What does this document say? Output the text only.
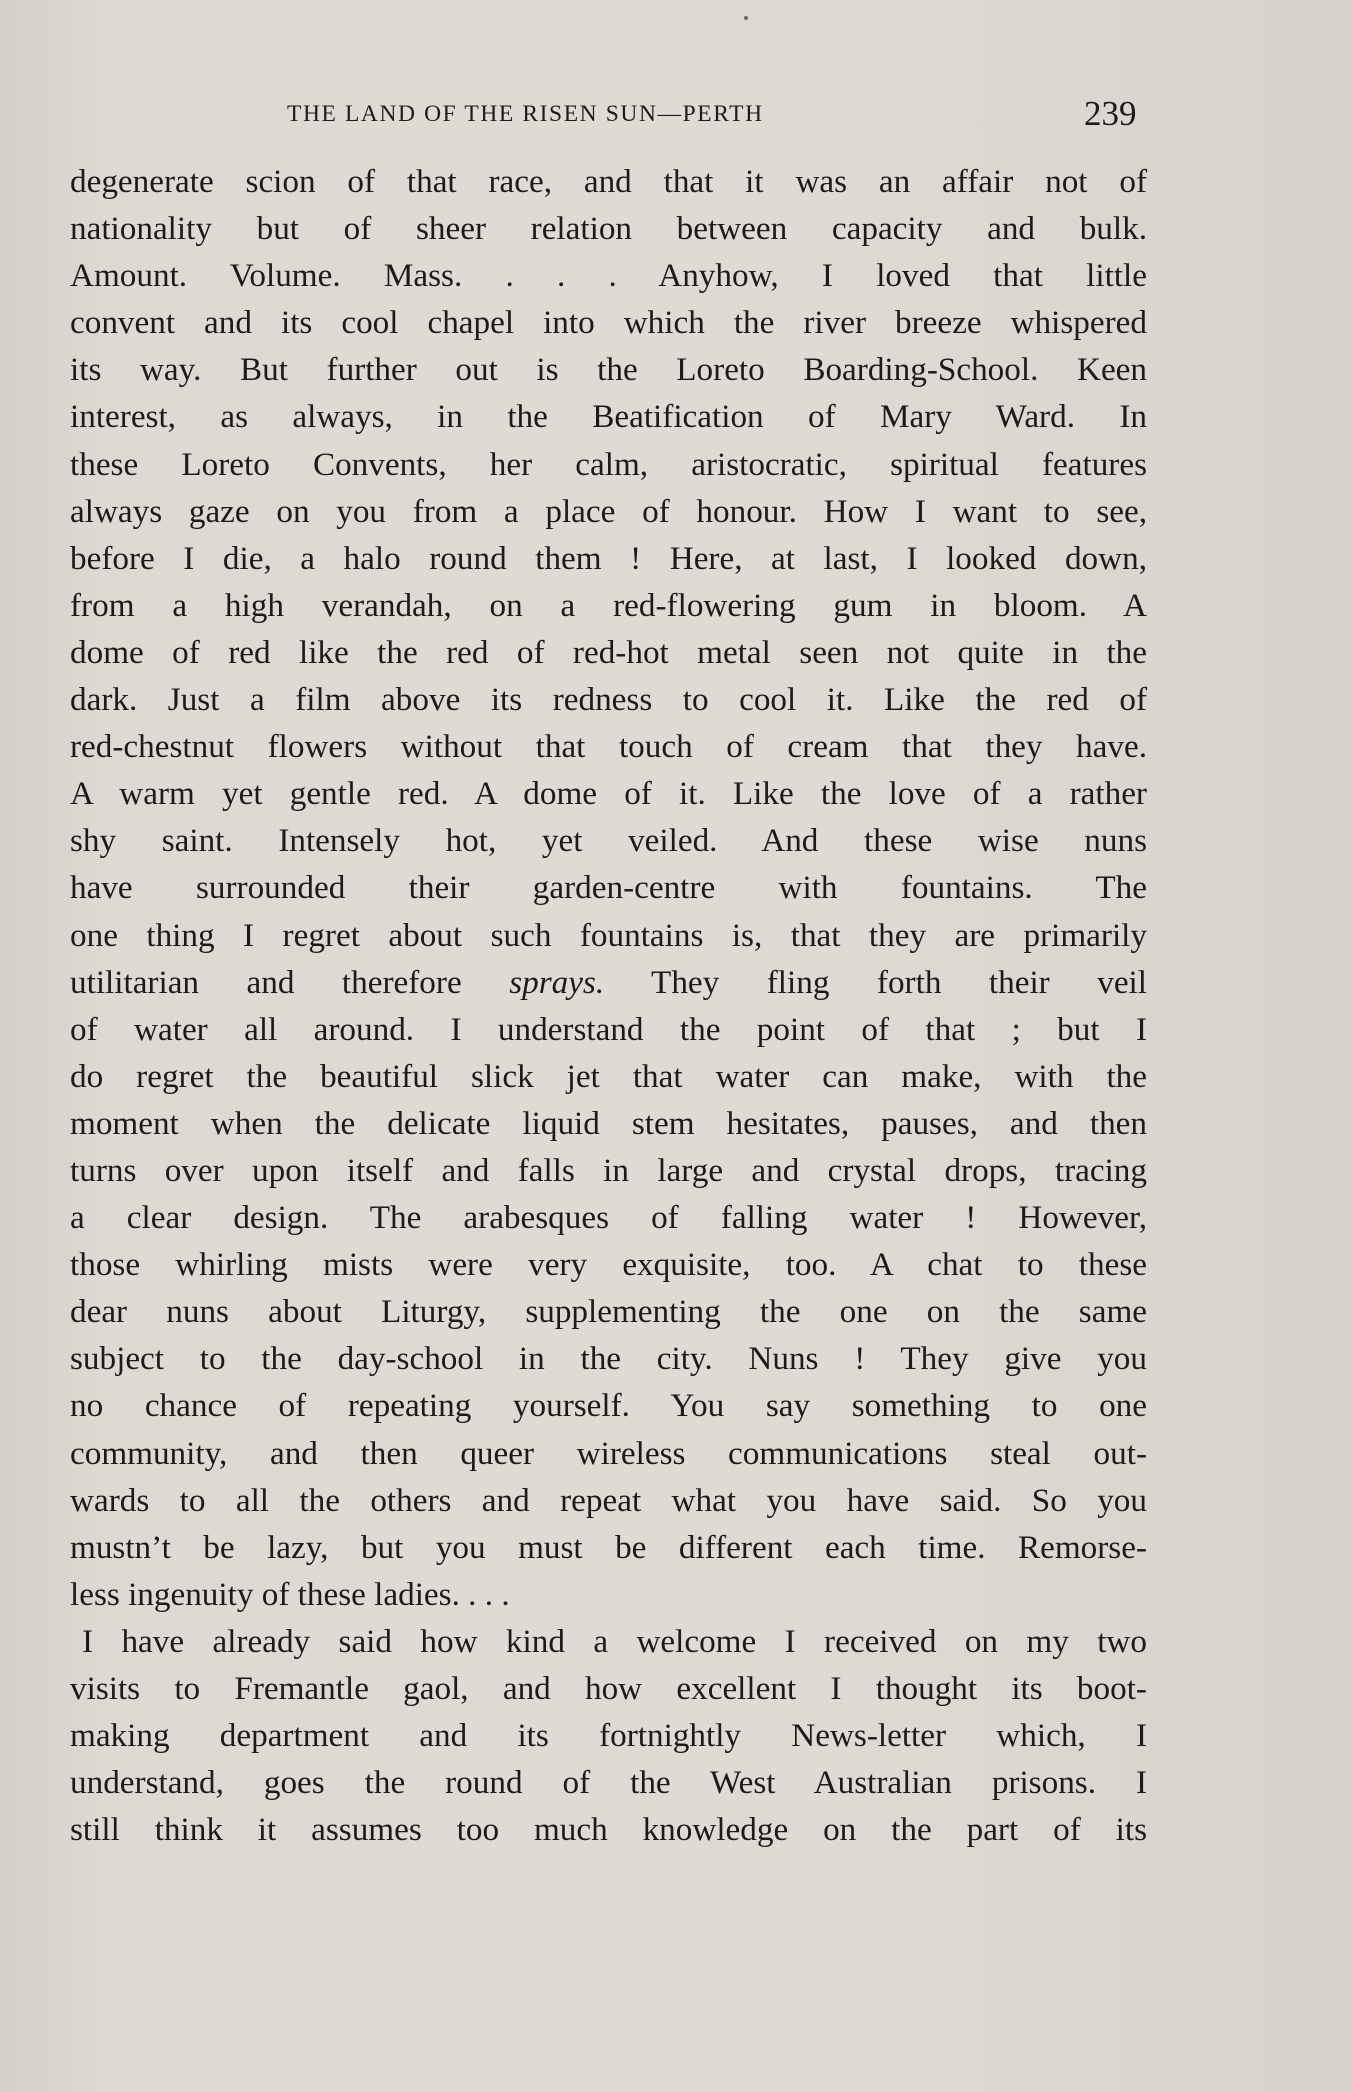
THE LAND OF THE RISEN SUN—PERTH	239
degenerate scion of that race, and that it was an affair not of
nationality but of sheer relation between capacity and bulk.
Amount. Volume. Mass. . . . Anyhow, I loved that little
convent and its cool chapel into which the river breeze whispered
its way. But further out is the Loreto Boarding-School. Keen
interest, as always, in the Beatification of Mary Ward. In
these Loreto Convents, her calm, aristocratic, spiritual features
always gaze on you from a place of honour. How I want to see,
before I die, a halo round them ! Here, at last, I looked down,
from a high verandah, on a red-flowering gum in bloom. A
dome of red like the red of red-hot metal seen not quite in the
dark. Just a film above its redness to cool it. Like the red of
red-chestnut flowers without that touch of cream that they have.
A warm yet gentle red. A dome of it. Like the love of a rather
shy saint. Intensely hot, yet veiled. And these wise nuns
have surrounded their garden-centre with fountains. The
one thing I regret about such fountains is, that they are primarily
utilitarian and therefore sprays. They fling forth their veil
of water all around. I understand the point of that ; but I
do regret the beautiful slick jet that water can make, with the
moment when the delicate liquid stem hesitates, pauses, and then
turns over upon itself and falls in large and crystal drops, tracing
a clear design. The arabesques of falling water ! However,
those whirling mists were very exquisite, too. A chat to these
dear nuns about Liturgy, supplementing the one on the same
subject to the day-school in the city. Nuns ! They give you
no chance of repeating yourself. You say something to one
community, and then queer wireless communications steal out-
wards to all the others and repeat what you have said. So you
mustn’t be lazy, but you must be different each time. Remorse-
less ingenuity of these ladies. . . .
I have already said how kind a welcome I received on my two
visits to Fremantle gaol, and how excellent I thought its boot-
making department and its fortnightly News-letter which, I
understand, goes the round of the West Australian prisons. I
still think it assumes too much knowledge on the part of its
